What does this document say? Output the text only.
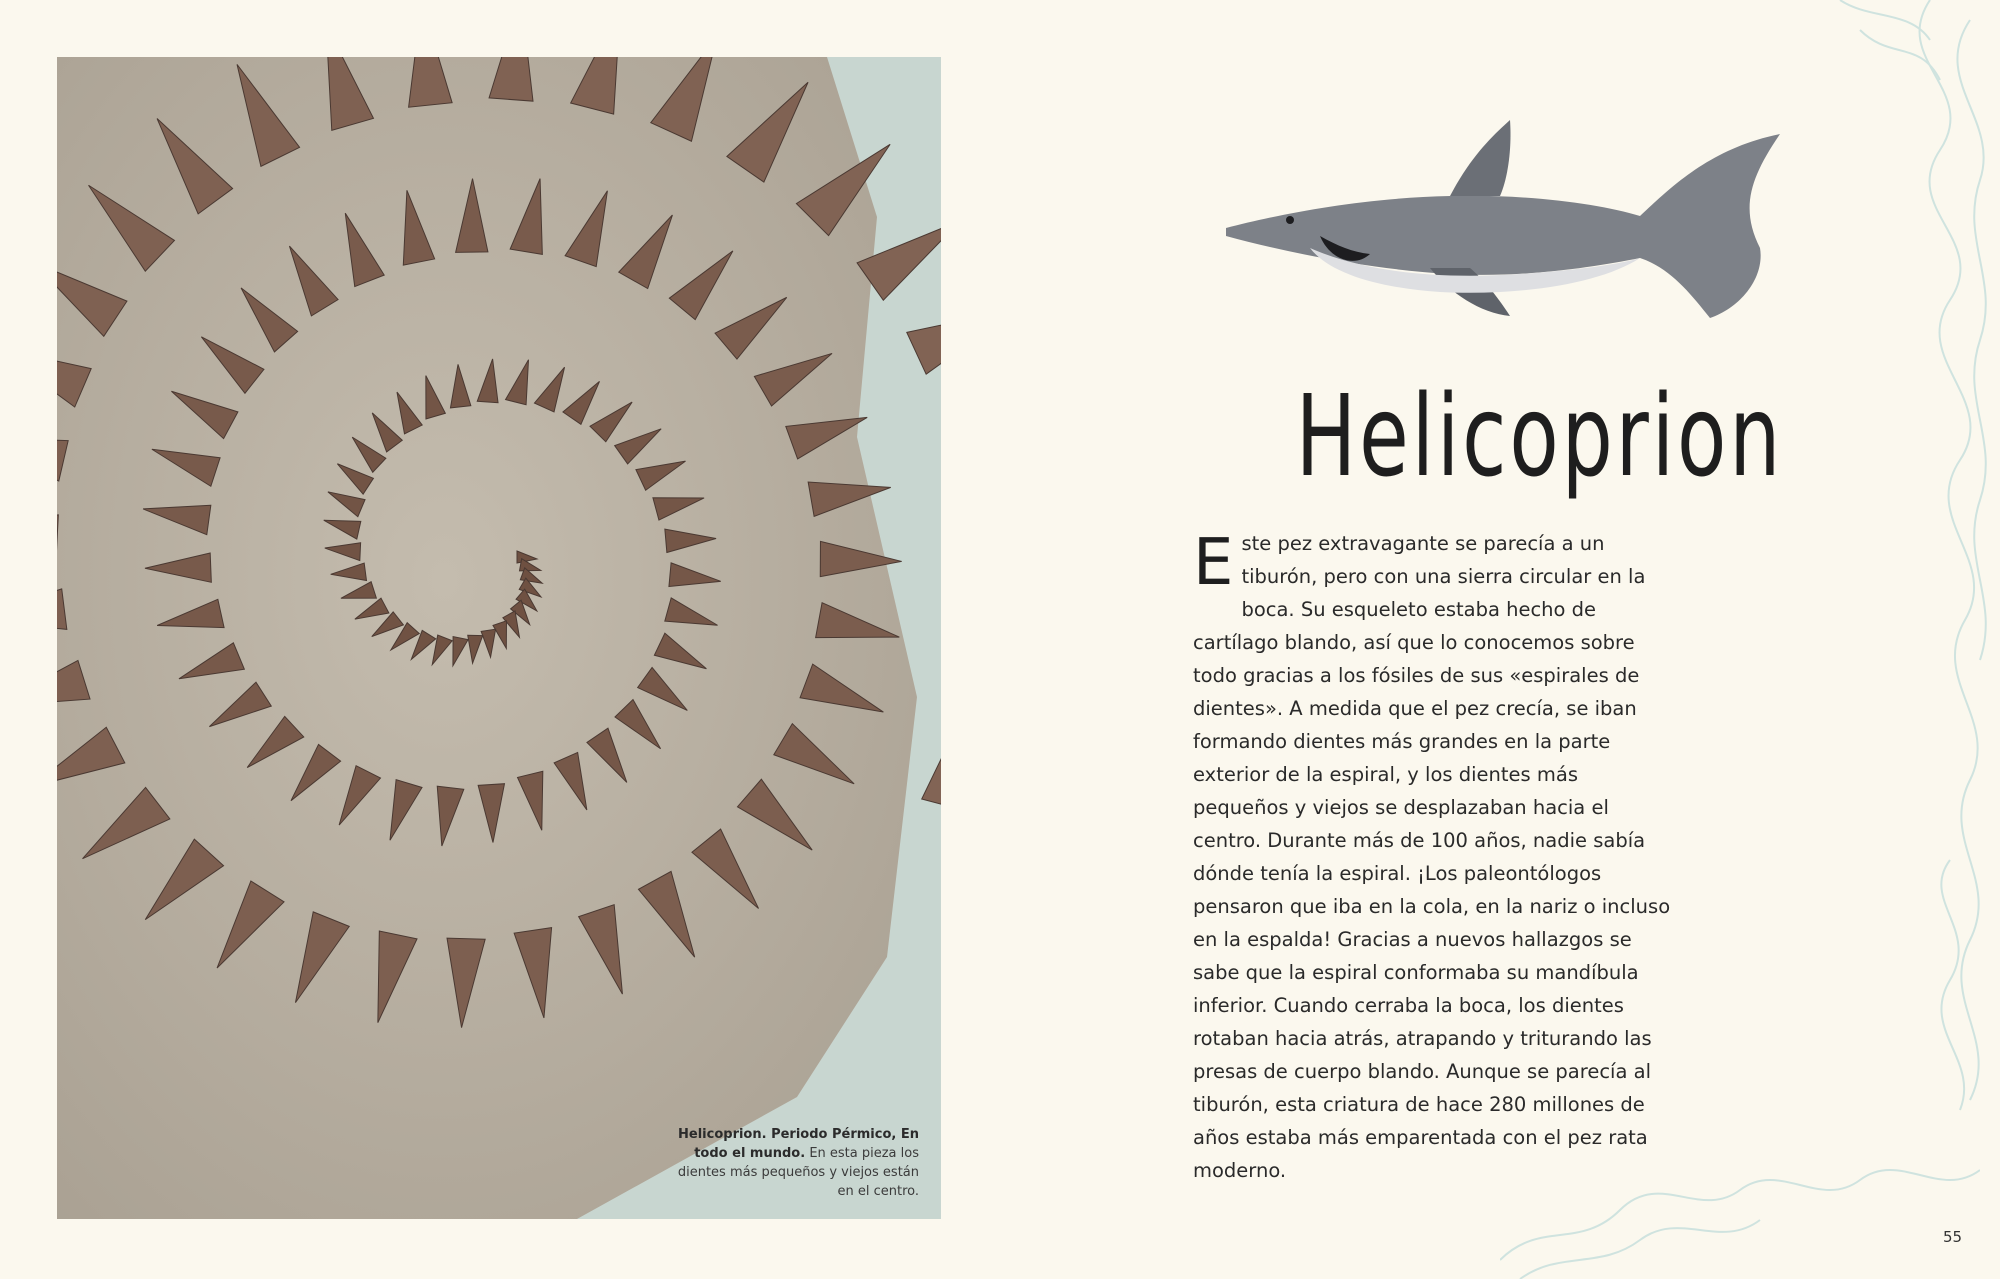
Helicoprion. Periodo Pérmico, En todo el mundo. En esta pieza los dientes más pequeños y viejos están en el centro.
Helicoprion
E ste pez extravagante se parecía a un tiburón, pero con una sierra circular en la boca. Su esqueleto estaba hecho de cartílago blando, así que lo conocemos sobre todo gracias a los fósiles de sus «espirales de dientes». A medida que el pez crecía, se iban formando dientes más grandes en la parte exterior de la espiral, y los dientes más pequeños y viejos se desplazaban hacia el centro. Durante más de 100 años, nadie sabía dónde tenía la espiral. ¡Los paleontólogos pensaron que iba en la cola, en la nariz o incluso en la espalda! Gracias a nuevos hallazgos se sabe que la espiral conformaba su mandíbula inferior. Cuando cerraba la boca, los dientes rotaban hacia atrás, atrapando y triturando las presas de cuerpo blando. Aunque se parecía al tiburón, esta criatura de hace 280 millones de años estaba más emparentada con el pez rata moderno.
55
